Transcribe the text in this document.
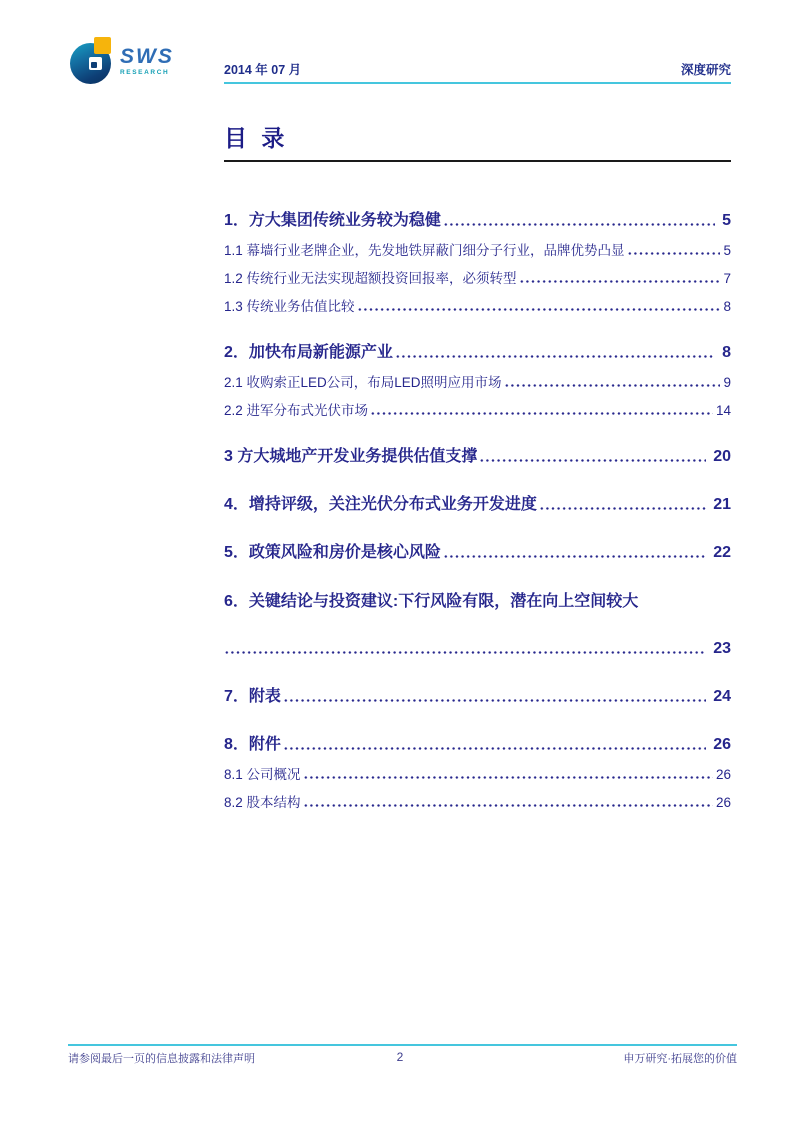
SWS
RESEARCH	2014 年 07 月	深度研究
目 录
1．方大集团传统业务较为稳健	5
1.1 幕墙行业老牌企业，先发地铁屏蔽门细分子行业，品牌优势凸显	5
1.2 传统行业无法实现超额投资回报率，必须转型	7
1.3 传统业务估值比较	8
2．加快布局新能源产业	8
2.1 收购索正LED公司，布局LED照明应用市场	9
2.2 进军分布式光伏市场	14
3 方大城地产开发业务提供估值支撑	20
4．增持评级，关注光伏分布式业务开发进度	21
5．政策风险和房价是核心风险	22
6．关键结论与投资建议:下行风险有限，潜在向上空间较大
23
7．附表	24
8．附件	26
8.1 公司概况	26
8.2 股本结构	26
请参阅最后一页的信息披露和法律声明	2	申万研究·拓展您的价值
